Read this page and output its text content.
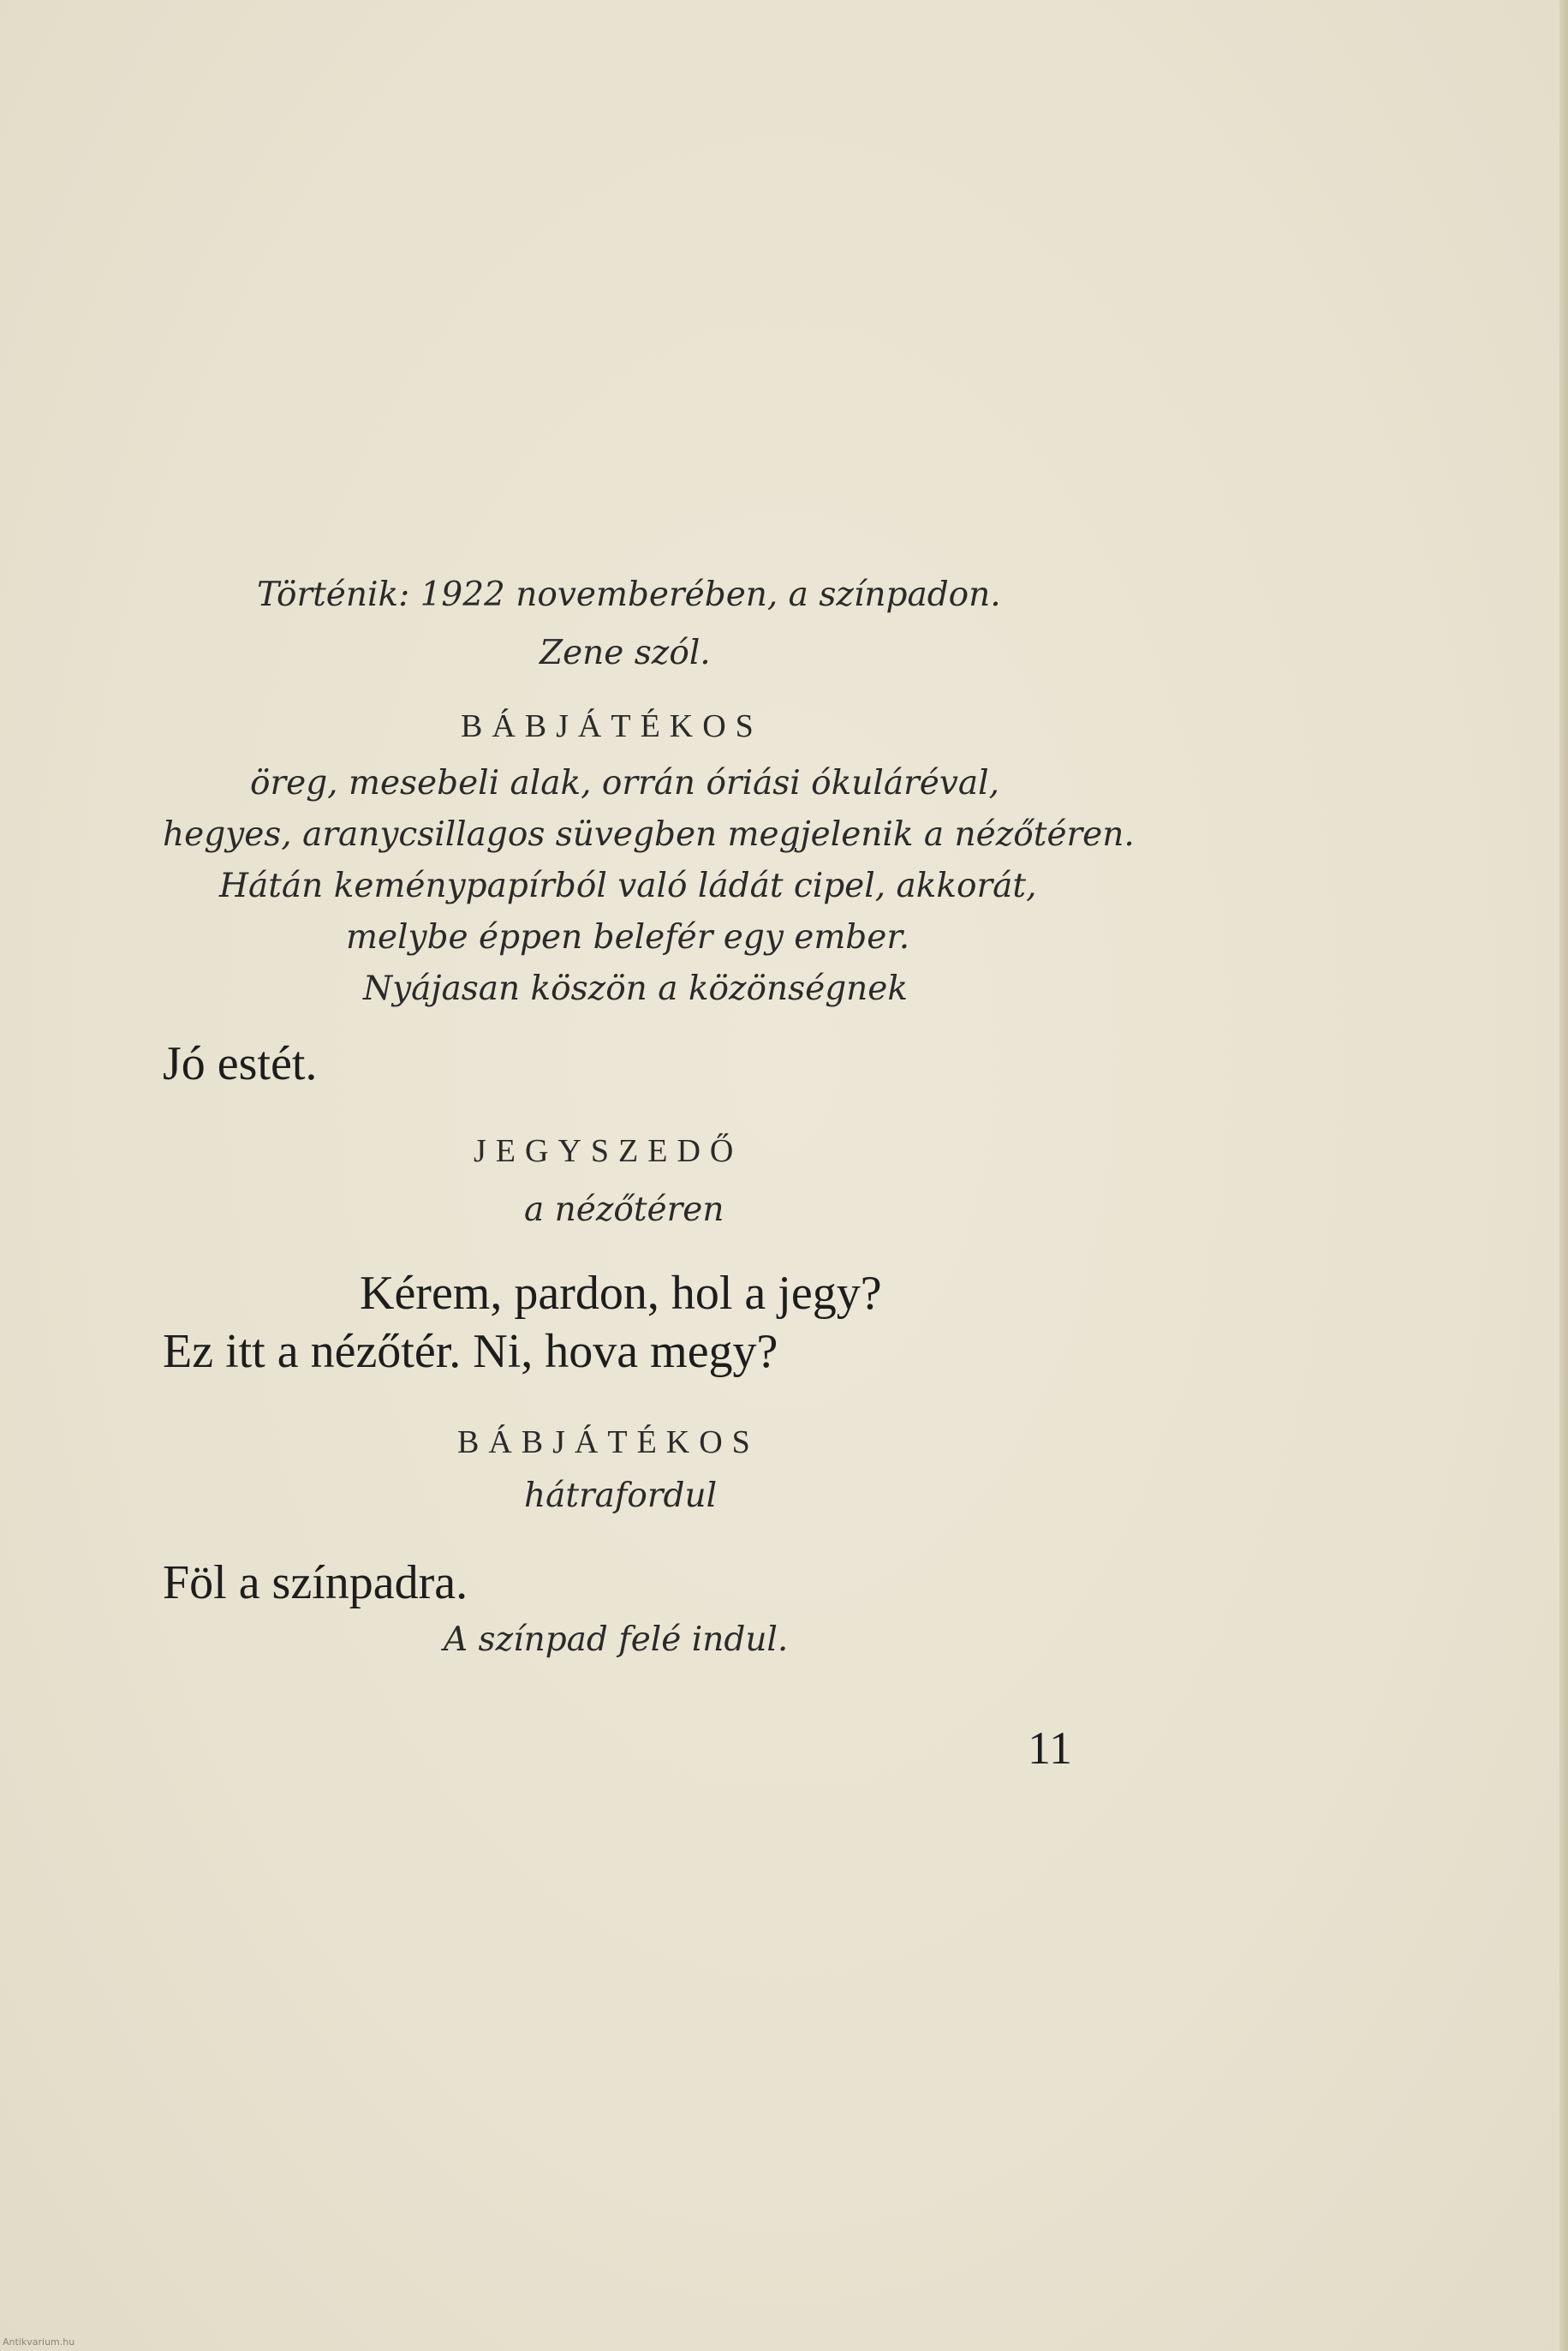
Történik: 1922 novemberében, a színpadon.
Zene szól.
BÁBJÁTÉKOS
öreg, mesebeli alak, orrán óriási ókuláréval,
hegyes, aranycsillagos süvegben megjelenik a nézőtéren.
Hátán keménypapírból való ládát cipel, akkorát,
melybe éppen belefér egy ember.
Nyájasan köszön a közönségnek
Jó estét.
JEGYSZEDŐ
a nézőtéren
Kérem, pardon, hol a jegy?
Ez itt a nézőtér. Ni, hova megy?
BÁBJÁTÉKOS
hátrafordul
Föl a színpadra.
A színpad felé indul.
11
Antikvarium.hu
